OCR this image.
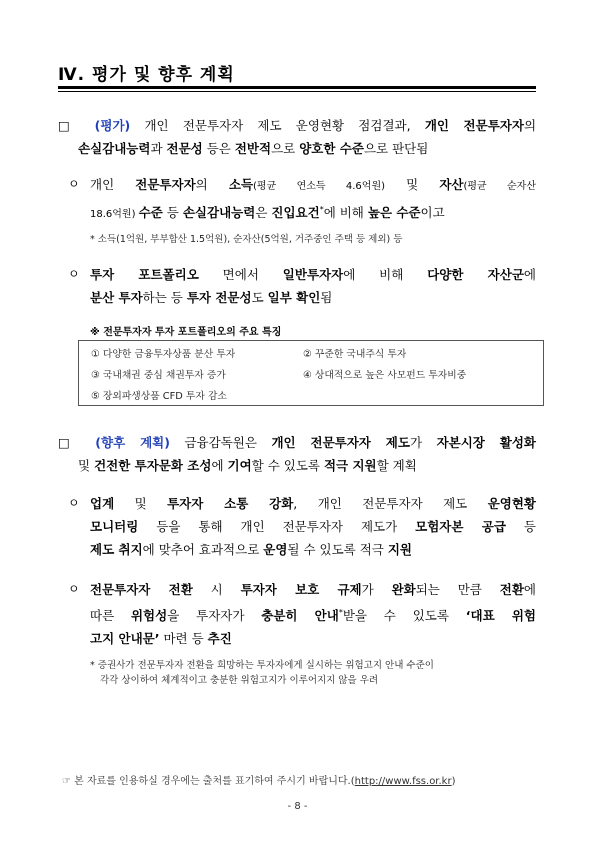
Ⅳ. 평가 및 향후 계획
□ (평가) 개인 전문투자자 제도 운영현황 점검결과, 개인 전문투자자의
손실감내능력과 전문성 등은 전반적으로 양호한 수준으로 판단됨
ㅇ 개인 전문투자자의 소득(평균 연소득 4.6억원) 및 자산(평균 순자산
18.6억원) 수준 등 손실감내능력은 진입요건*에 비해 높은 수준이고
* 소득(1억원, 부부합산 1.5억원), 순자산(5억원, 거주중인 주택 등 제외) 등
ㅇ 투자 포트폴리오 면에서 일반투자자에 비해 다양한 자산군에
분산 투자하는 등 투자 전문성도 일부 확인됨
※ 전문투자자 투자 포트폴리오의 주요 특징
① 다양한 금융투자상품 분산 투자	② 꾸준한 국내주식 투자
③ 국내채권 중심 채권투자 증가	④ 상대적으로 높은 사모펀드 투자비중
⑤ 장외파생상품 CFD 투자 감소
□ (향후 계획) 금융감독원은 개인 전문투자자 제도가 자본시장 활성화
및 건전한 투자문화 조성에 기여할 수 있도록 적극 지원할 계획
ㅇ 업계 및 투자자 소통 강화, 개인 전문투자자 제도 운영현황
모니터링 등을 통해 개인 전문투자자 제도가 모험자본 공급 등
제도 취지에 맞추어 효과적으로 운영될 수 있도록 적극 지원
ㅇ 전문투자자 전환 시 투자자 보호 규제가 완화되는 만큼 전환에
따른 위험성을 투자자가 충분히 안내*받을 수 있도록 ‘대표 위험
고지 안내문’ 마련 등 추진
* 증권사가 전문투자자 전환을 희망하는 투자자에게 실시하는 위험고지 안내 수준이
각각 상이하여 체계적이고 충분한 위험고지가 이루어지지 않을 우려
☞ 본 자료를 인용하실 경우에는 출처를 표기하여 주시기 바랍니다.(http://www.fss.or.kr)
- 8 -
